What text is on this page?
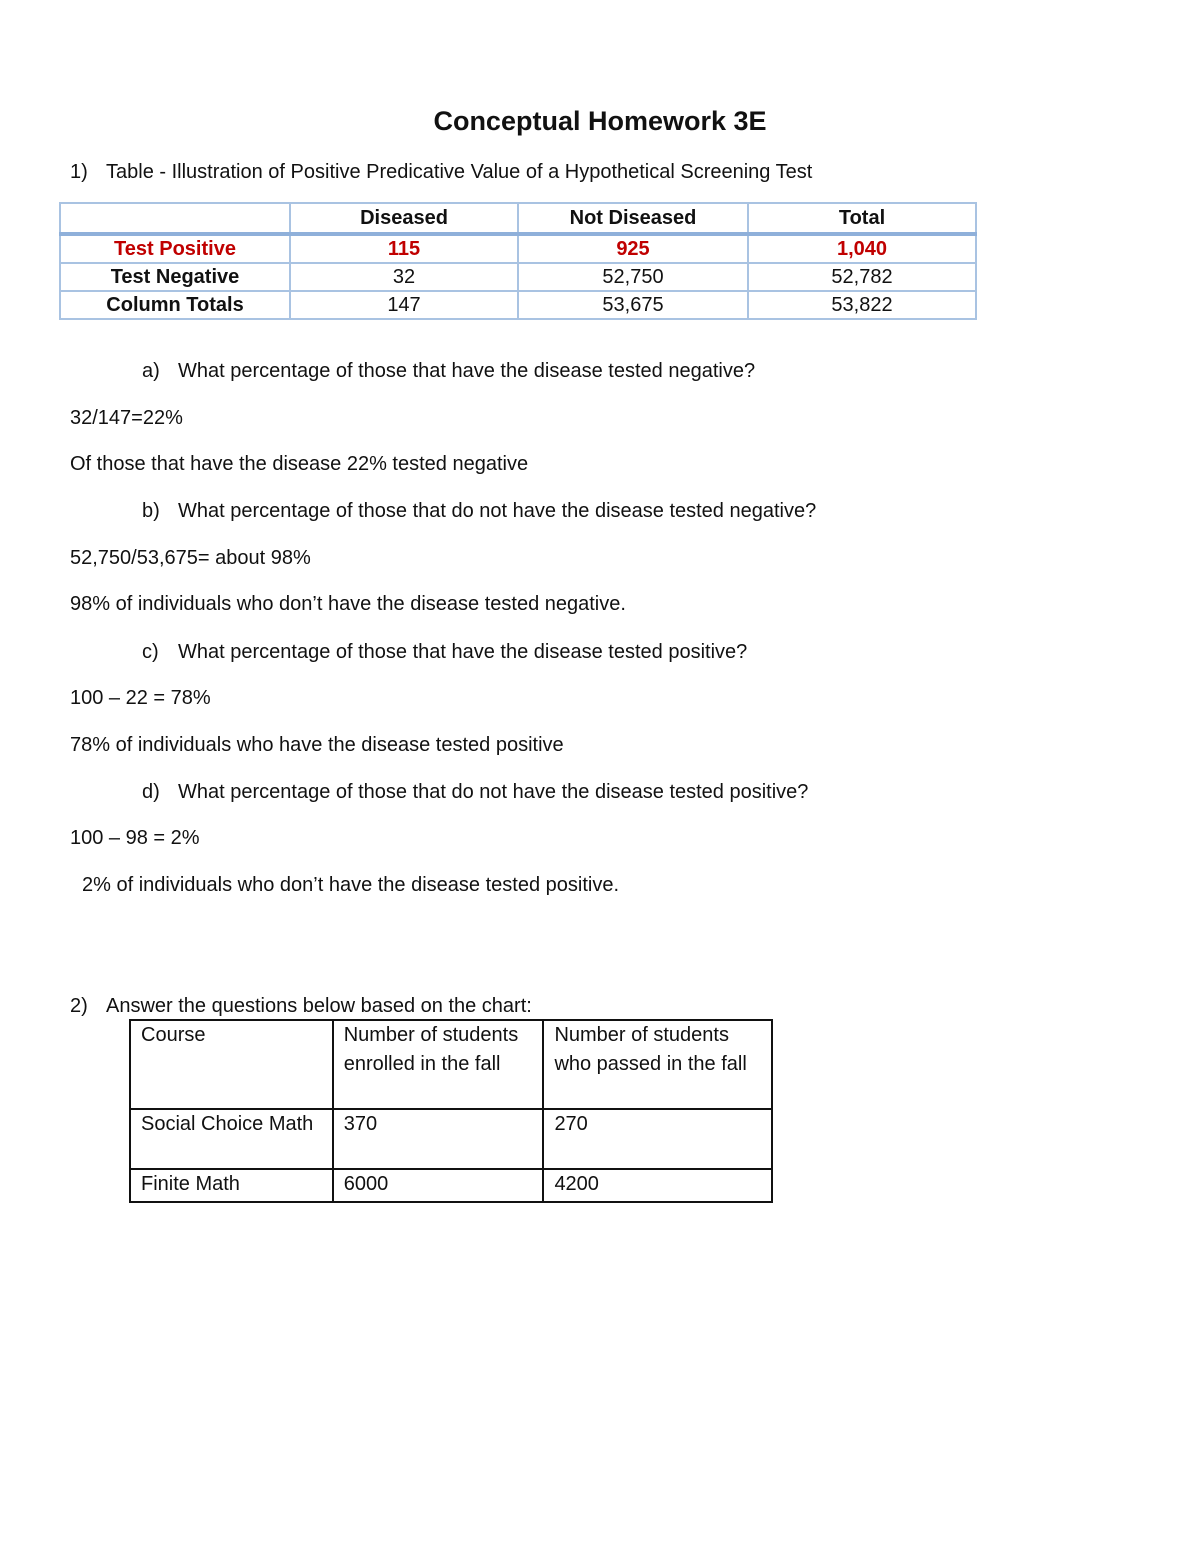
Conceptual Homework 3E
1) Table - Illustration of Positive Predicative Value of a Hypothetical Screening Test
	Diseased	Not Diseased	Total
Test Positive	115	925	1,040
Test Negative	32	52,750	52,782
Column Totals	147	53,675	53,822
a) What percentage of those that have the disease tested negative?
32/147=22%
Of those that have the disease 22% tested negative
b) What percentage of those that do not have the disease tested negative?
52,750/53,675= about 98%
98% of individuals who don’t have the disease tested negative.
c) What percentage of those that have the disease tested positive?
100 – 22 = 78%
78% of individuals who have the disease tested positive
d) What percentage of those that do not have the disease tested positive?
100 – 98 = 2%
2% of individuals who don’t have the disease tested positive.
2) Answer the questions below based on the chart:
Course	Number of students enrolled in the fall	Number of students who passed in the fall
Social Choice Math	370	270
Finite Math	6000	4200
